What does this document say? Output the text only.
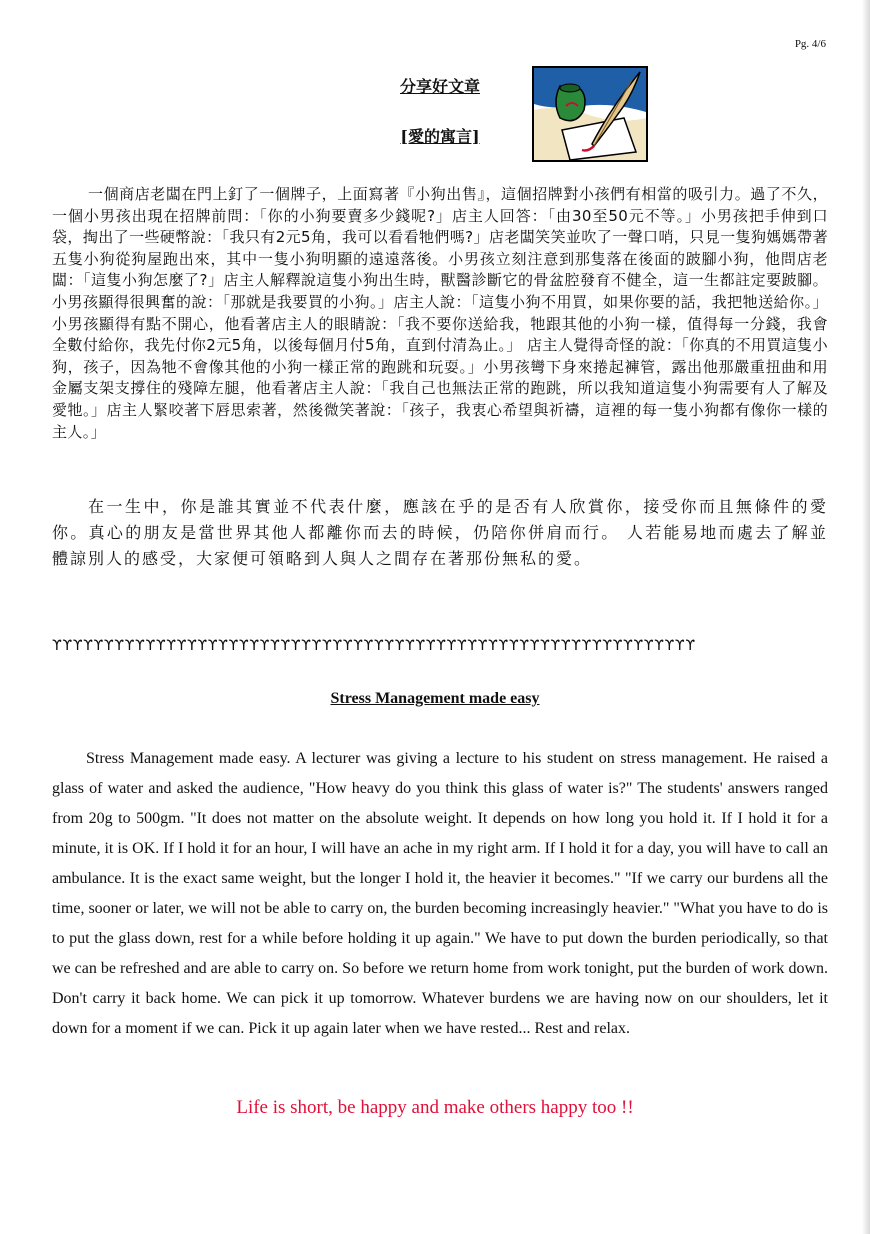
Pg. 4/6
分享好文章
[愛的寓言]

一個商店老闆在門上釘了一個牌子，上面寫著『小狗出售』，這個招牌對小孩們有相當的吸引力。過了不久，一個小男孩出現在招牌前問：「你的小狗要賣多少錢呢?」店主人回答：「由30至50元不等。」小男孩把手伸到口袋，掏出了一些硬幣說：「我只有2元5角，我可以看看牠們嗎?」店老闆笑笑並吹了一聲口哨，只見一隻狗媽媽帶著五隻小狗從狗屋跑出來，其中一隻小狗明顯的遠遠落後。小男孩立刻注意到那隻落在後面的跛腳小狗，他問店老闆：「這隻小狗怎麼了?」店主人解釋說這隻小狗出生時，獸醫診斷它的骨盆腔發育不健全，這一生都註定要跛腳。 小男孩顯得很興奮的說：「那就是我要買的小狗。」店主人說：「這隻小狗不用買，如果你要的話，我把牠送給你。」小男孩顯得有點不開心，他看著店主人的眼睛說：「我不要你送給我，牠跟其他的小狗一樣，值得每一分錢，我會全數付給你，我先付你2元5角，以後每個月付5角，直到付清為止。」 店主人覺得奇怪的說：「你真的不用買這隻小狗，孩子，因為牠不會像其他的小狗一樣正常的跑跳和玩耍。」小男孩彎下身來捲起褲管，露出他那嚴重扭曲和用金屬支架支撐住的殘障左腿，他看著店主人說：「我自己也無法正常的跑跳，所以我知道這隻小狗需要有人了解及愛牠。」店主人緊咬著下唇思索著，然後微笑著說：「孩子，我衷心希望與祈禱，這裡的每一隻小狗都有像你一樣的主人。」

在一生中，你是誰其實並不代表什麼，應該在乎的是否有人欣賞你，接受你而且無條件的愛你。真心的朋友是當世界其他人都離你而去的時候，仍陪你併肩而行。 人若能易地而處去了解並體諒別人的感受，大家便可領略到人與人之間存在著那份無私的愛。

ϒϒϒϒϒϒϒϒϒϒϒϒϒϒϒϒϒϒϒϒϒϒϒϒϒϒϒϒϒϒϒϒϒϒϒϒϒϒϒϒϒϒϒϒϒϒϒϒϒϒϒϒϒϒϒϒϒϒϒϒϒϒ
Stress Management made easy

Stress Management made easy. A lecturer was giving a lecture to his student on stress management. He raised a glass of water and asked the audience, "How heavy do you think this glass of water is?" The students' answers ranged from 20g to 500gm. "It does not matter on the absolute weight. It depends on how long you hold it. If I hold it for a minute, it is OK. If I hold it for an hour, I will have an ache in my right arm. If I hold it for a day, you will have to call an ambulance. It is the exact same weight, but the longer I hold it, the heavier it becomes." "If we carry our burdens all the time, sooner or later, we will not be able to carry on, the burden becoming increasingly heavier." "What you have to do is to put the glass down, rest for a while before holding it up again." We have to put down the burden periodically, so that we can be refreshed and are able to carry on. So before we return home from work tonight, put the burden of work down. Don't carry it back home. We can pick it up tomorrow. Whatever burdens we are having now on our shoulders, let it down for a moment if we can. Pick it up again later when we have rested... Rest and relax.

Life is short, be happy and make others happy too !!
